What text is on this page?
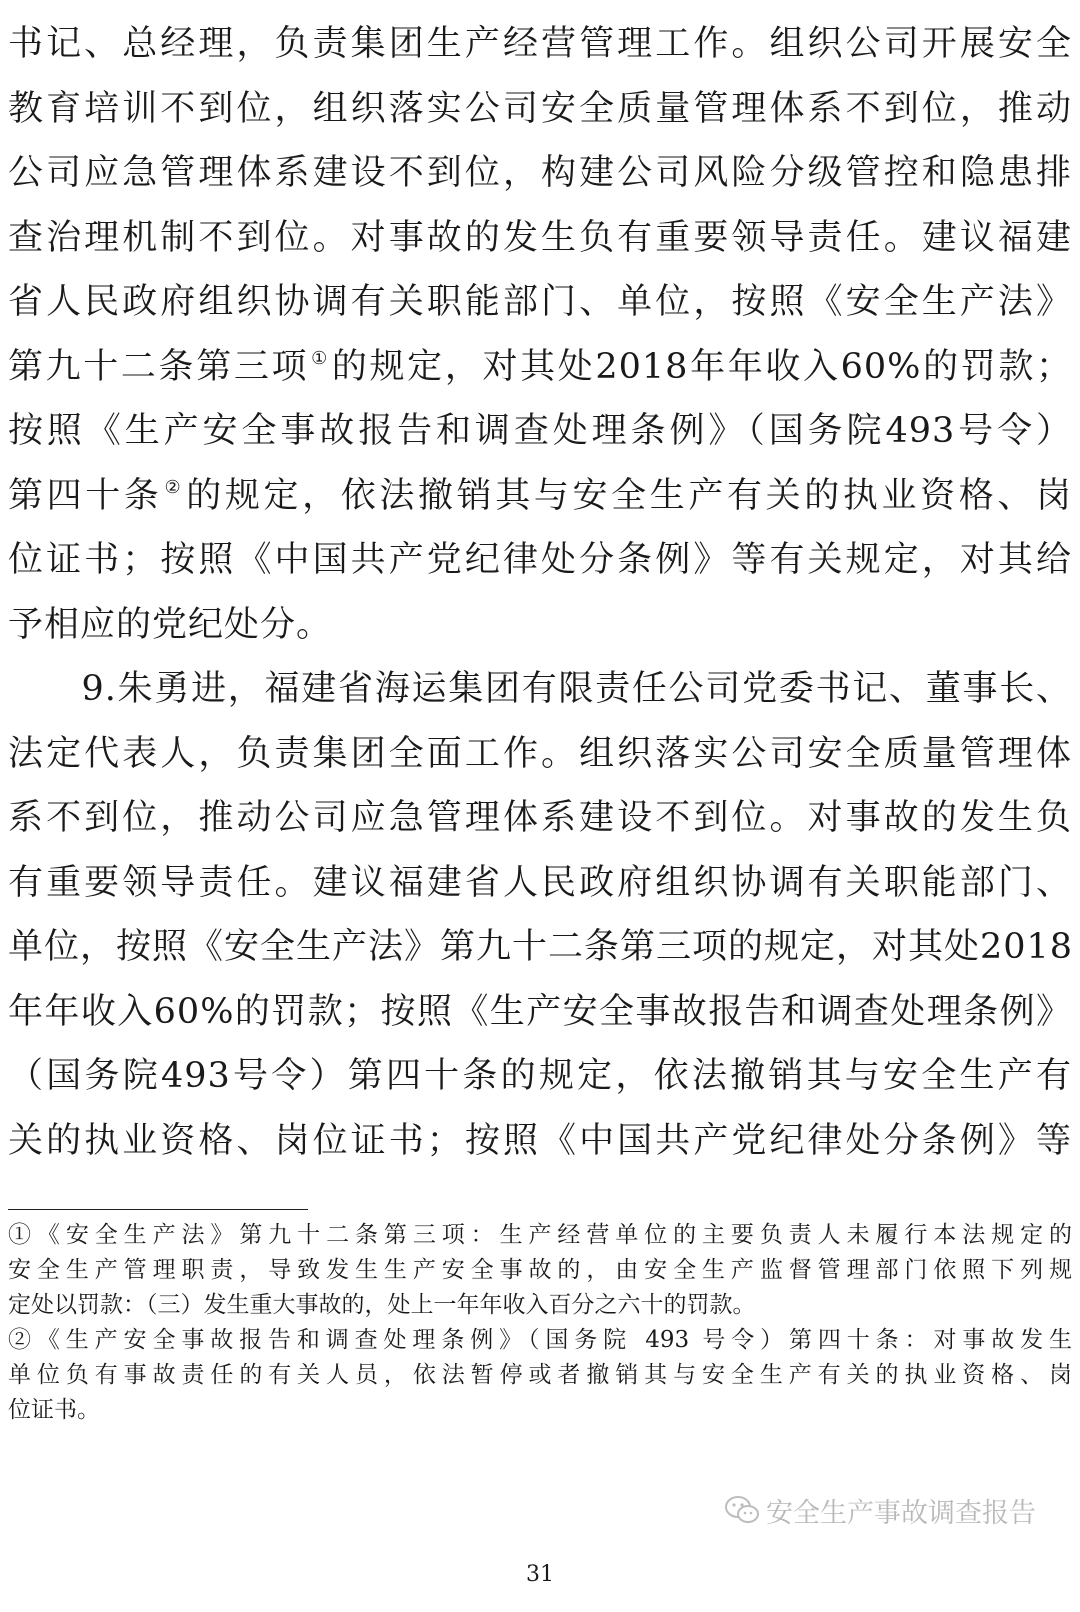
书记、总经理，负责集团生产经营管理工作。组织公司开展安全
教育培训不到位，组织落实公司安全质量管理体系不到位，推动
公司应急管理体系建设不到位，构建公司风险分级管控和隐患排
查治理机制不到位。对事故的发生负有重要领导责任。建议福建
省人民政府组织协调有关职能部门、单位，按照《安全生产法》
第九十二条第三项 ①的规定，对其处2018年年收入60%的罚款；
按照《生产安全事故报告和调查处理条例》（国务院493号令）
第四十条 ②的规定，依法撤销其与安全生产有关的执业资格、岗
位证书；按照《中国共产党纪律处分条例》等有关规定，对其给
予相应的党纪处分。
　　9.朱勇进，福建省海运集团有限责任公司党委书记、董事长、
法定代表人，负责集团全面工作。组织落实公司安全质量管理体
系不到位，推动公司应急管理体系建设不到位。对事故的发生负
有重要领导责任。建议福建省人民政府组织协调有关职能部门、
单位，按照《安全生产法》第九十二条第三项的规定，对其处2018
年年收入60%的罚款；按照《生产安全事故报告和调查处理条例》
（国务院493号令）第四十条的规定，依法撤销其与安全生产有
关的执业资格、岗位证书；按照《中国共产党纪律处分条例》等
①《安全生产法》第九十二条第三项：生产经营单位的主要负责人未履行本法规定的
安全生产管理职责，导致发生生产安全事故的，由安全生产监督管理部门依照下列规
定处以罚款：（三）发生重大事故的，处上一年年收入百分之六十的罚款。
②《生产安全事故报告和调查处理条例》（国务院 493 号令）第四十条：对事故发生
单位负有事故责任的有关人员，依法暂停或者撤销其与安全生产有关的执业资格、岗
位证书。
安全生产事故调查报告
31
